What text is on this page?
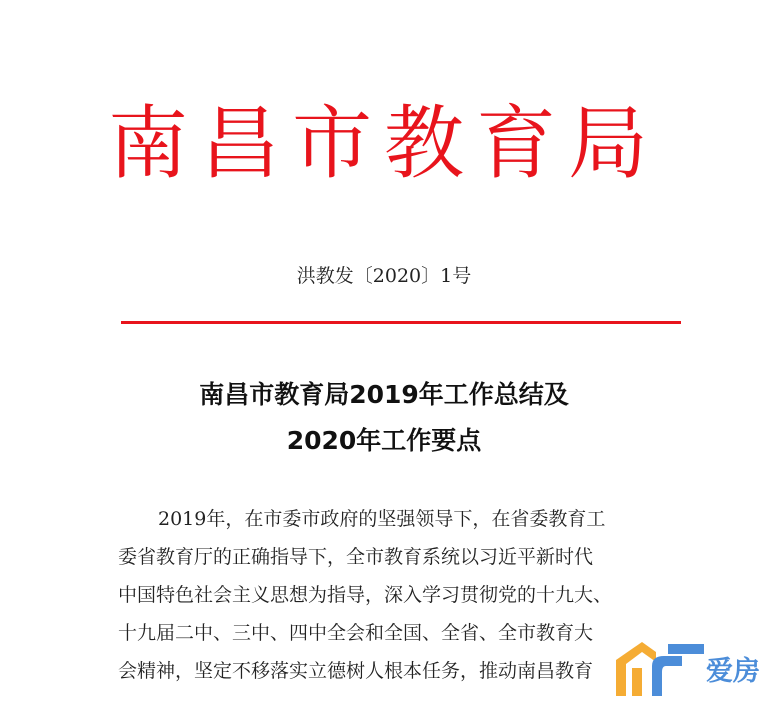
南昌市教育局
洪教发〔2020〕1号
南昌市教育局2019年工作总结及
2020年工作要点
2019年，在市委市政府的坚强领导下，在省委教育工
委省教育厅的正确指导下，全市教育系统以习近平新时代
中国特色社会主义思想为指导，深入学习贯彻党的十九大、
十九届二中、三中、四中全会和全国、全省、全市教育大
会精神，坚定不移落实立德树人根本任务，推动南昌教育	爱房
